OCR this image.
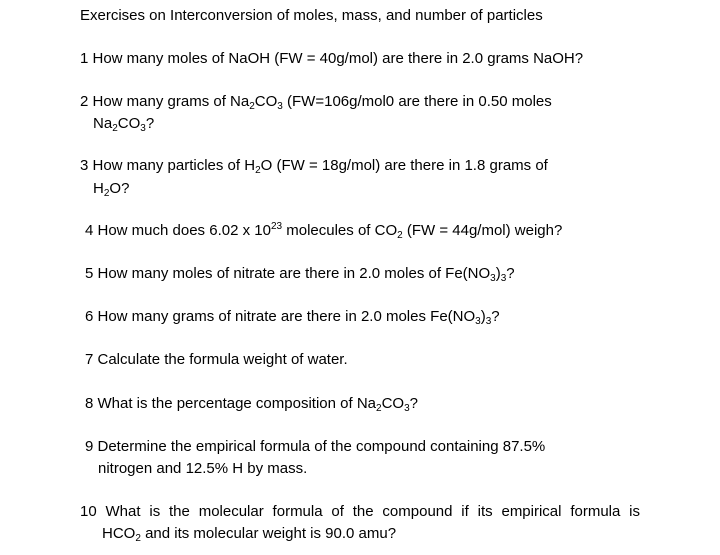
Exercises on Interconversion of moles, mass, and number of particles
1 How many moles of NaOH (FW = 40g/mol) are there in 2.0 grams NaOH?
2 How many grams of $Na_2CO_3$ (FW=106g/mol0 are there in 0.50 moles
$Na_2CO_3$?
3 How many particles of $H_2O$ (FW = 18g/mol) are there in 1.8 grams of
$H_2O$?
4 How much does 6.02 x $10^{23}$ molecules of $CO_2$ (FW = 44g/mol) weigh?
5 How many moles of nitrate are there in 2.0 moles of $Fe(NO_3)_3$?
6 How many grams of nitrate are there in 2.0 moles $Fe(NO_3)_3$?
7 Calculate the formula weight of water.
8 What is the percentage composition of $Na_2CO_3$?
9 Determine the empirical formula of the compound containing 87.5%
nitrogen and 12.5% H by mass.
10 What is the molecular formula of the compound if its empirical formula is
$HCO_2$ and its molecular weight is 90.0 amu?
